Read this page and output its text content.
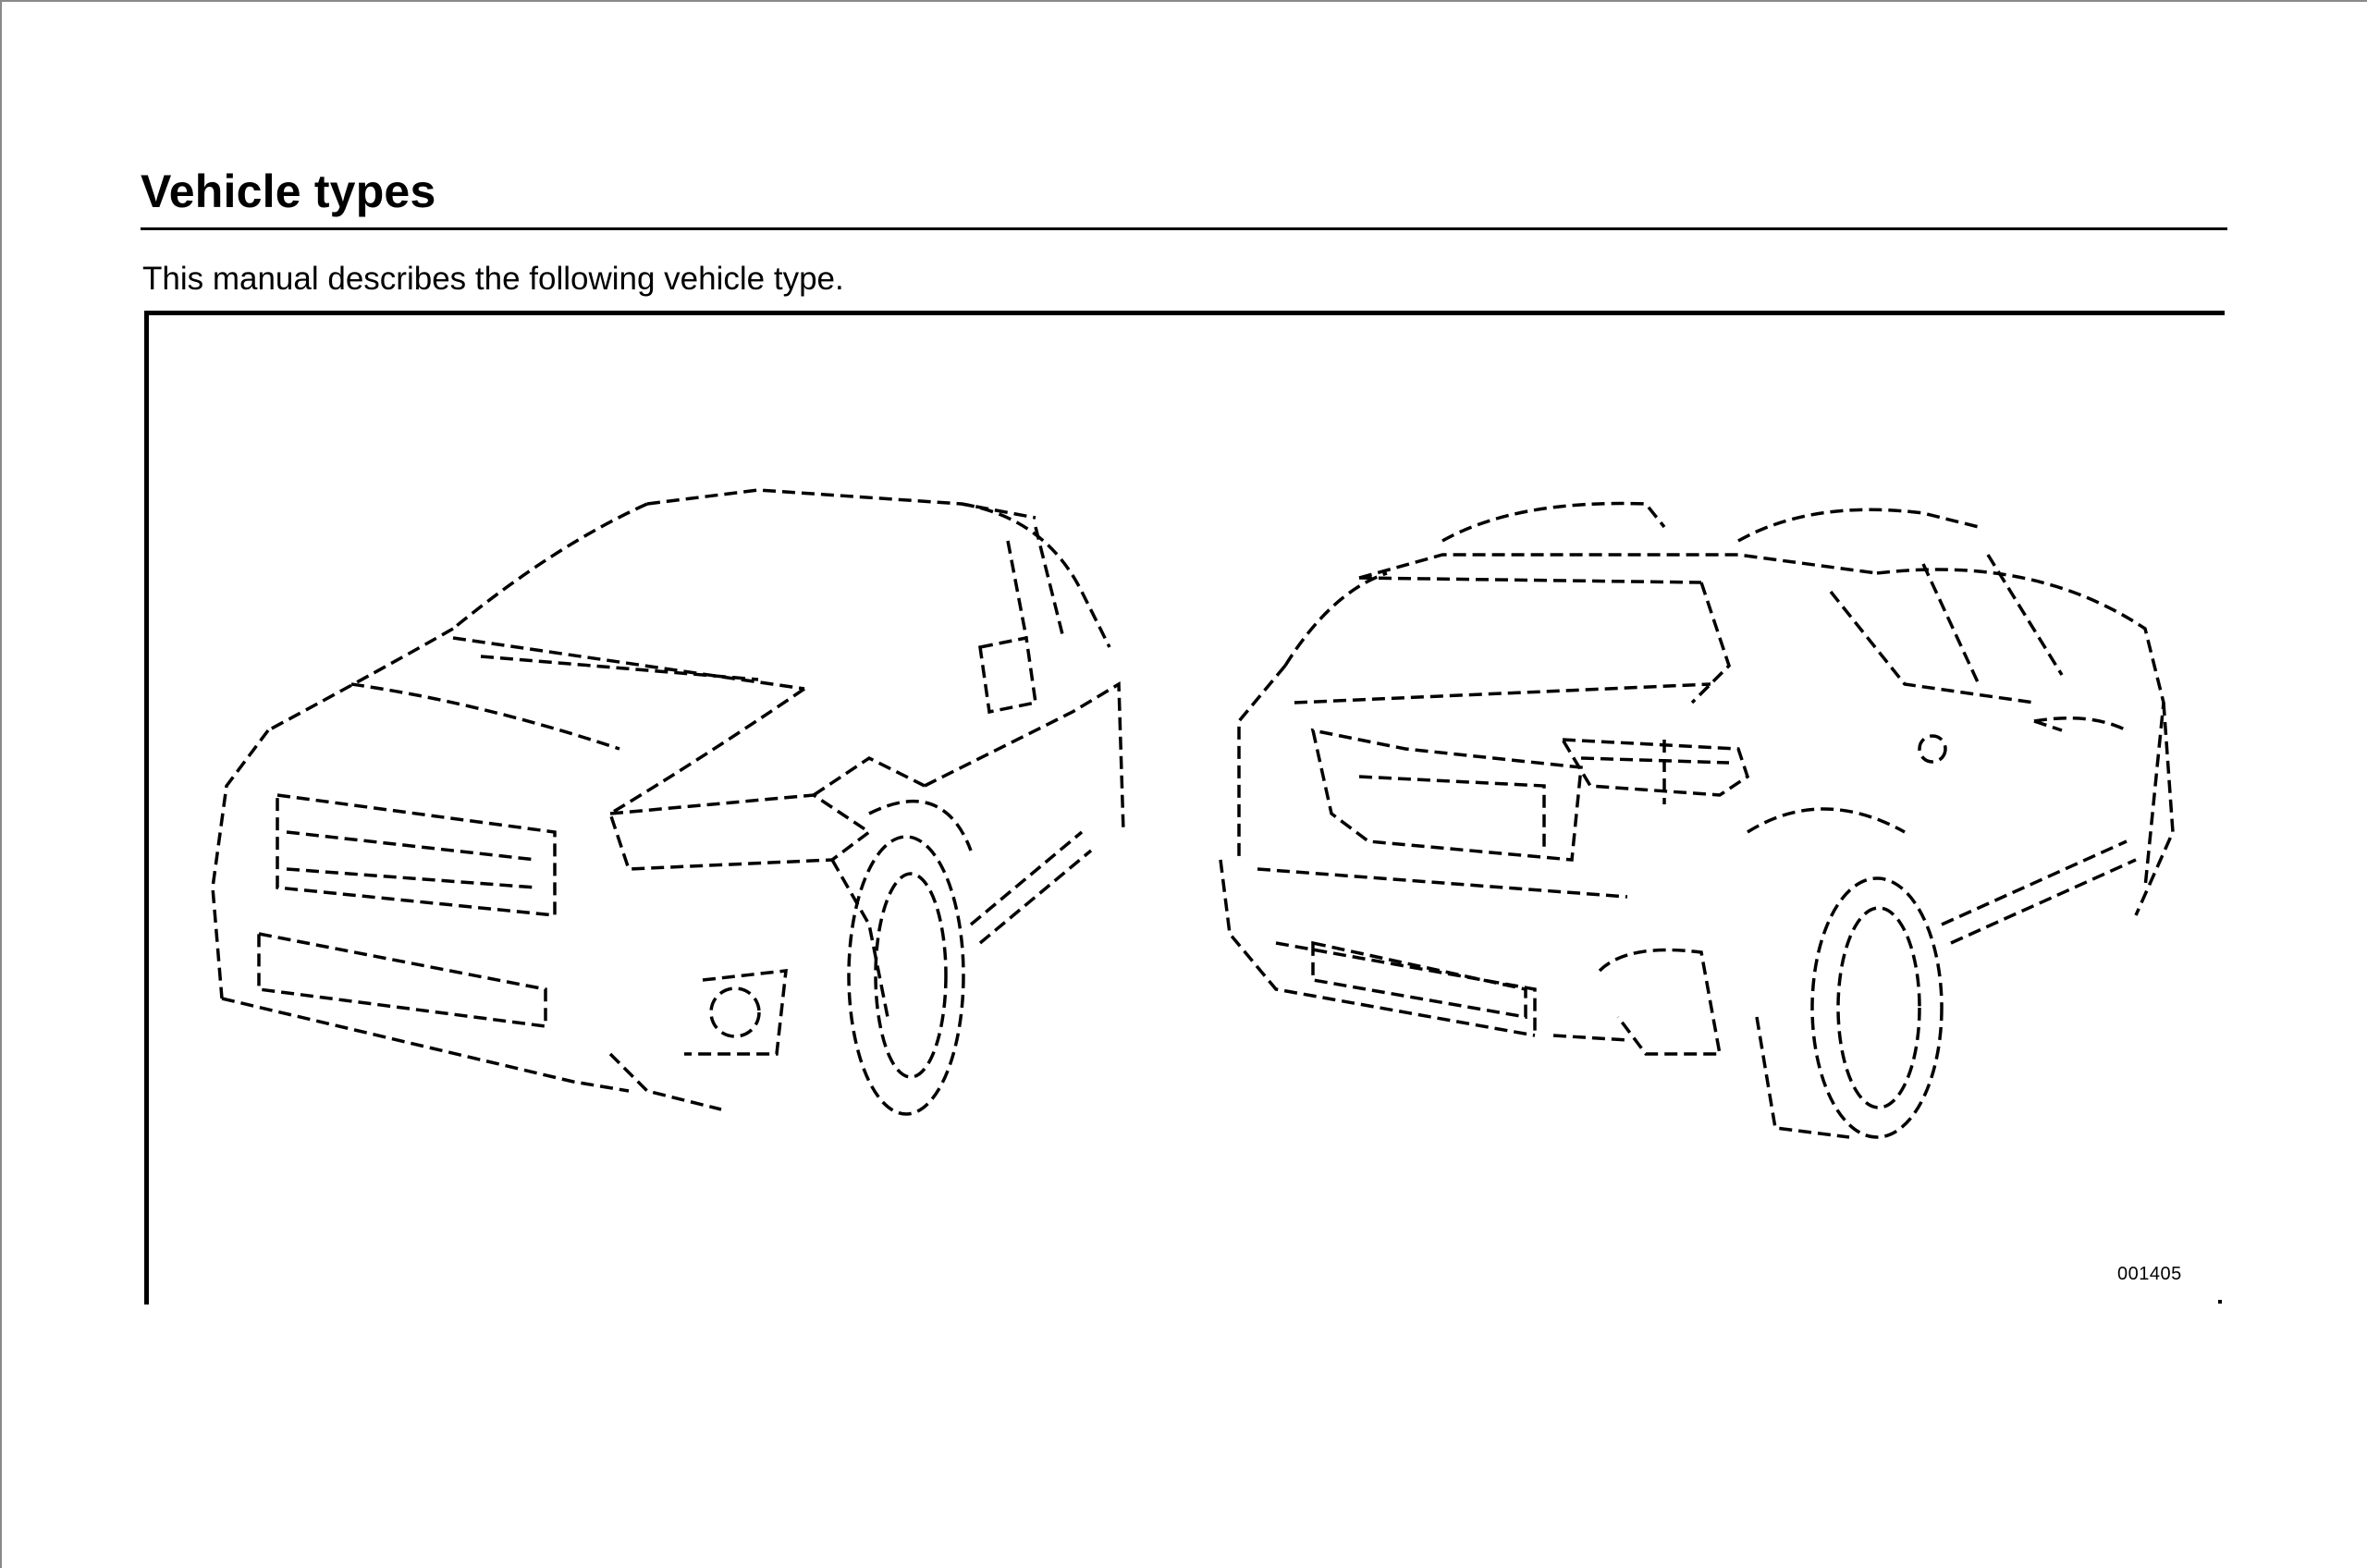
Vehicle types

This manual describes the following vehicle type.

001405
